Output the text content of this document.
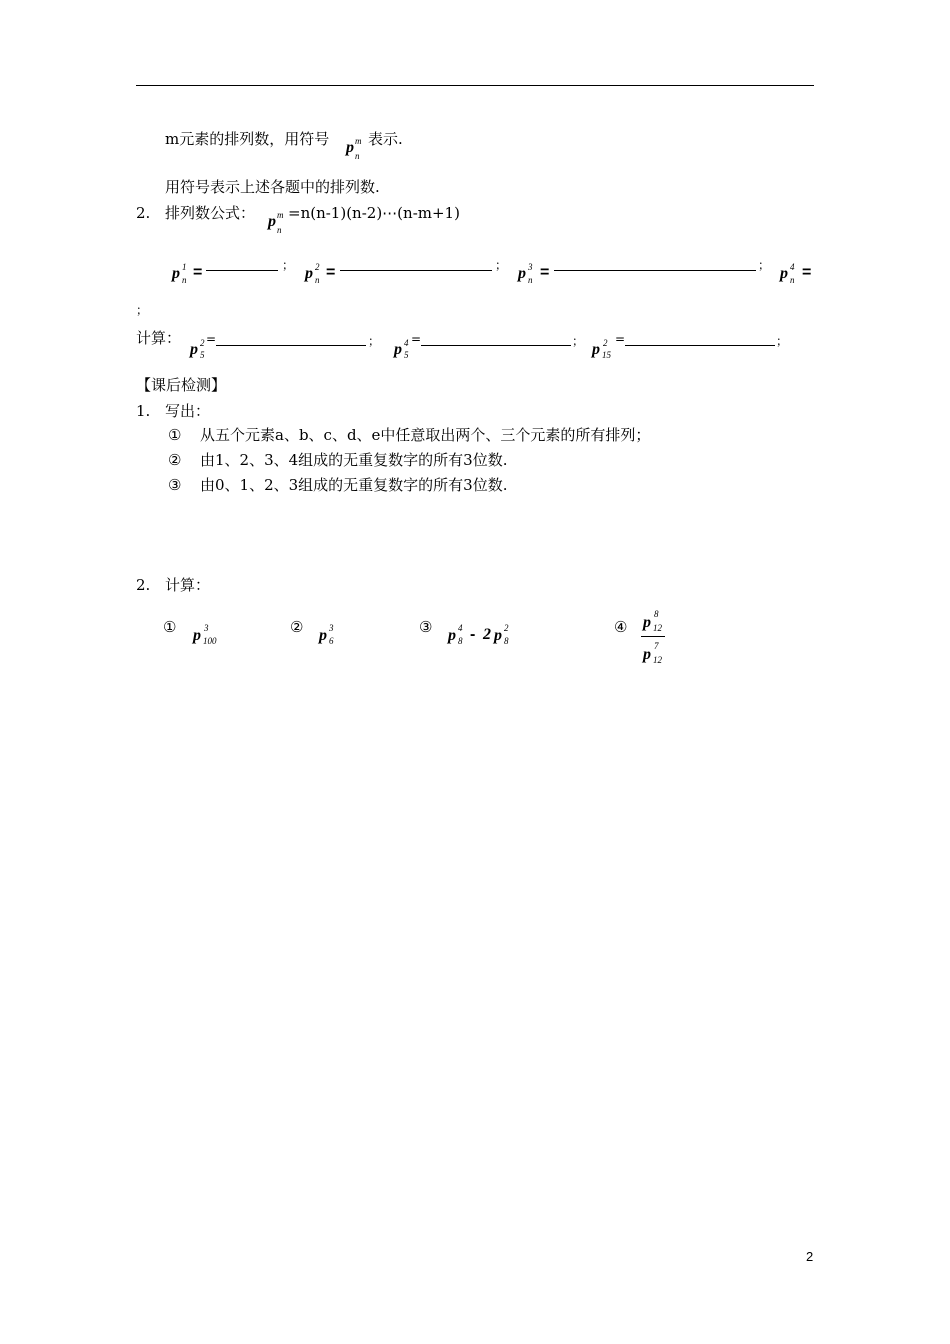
m元素的排列数，用符号 p m
n
表示.
用符号表示上述各题中的排列数.
2. 排列数公式： p m
n
=n(n-1)(n-2)⋯(n-m+1)
p 1
n =	； p 2
n =	； p 3
n =	； p 4
n =
；
计算：
p 2
5
=	； p 4
5
=	； p 2
15
=	；
【课后检测】
1. 写出：
① 从五个元素a、b、c、d、e中任意取出两个、三个元素的所有排列；
② 由1、2、3、4组成的无重复数字的所有3位数.
③ 由0、1、2、3组成的无重复数字的所有3位数.
2. 计算：
① p 3
100
② p 3
6
③ p 4
8 - 2 p 2
8
④ p 8
12
p 7
12
2
